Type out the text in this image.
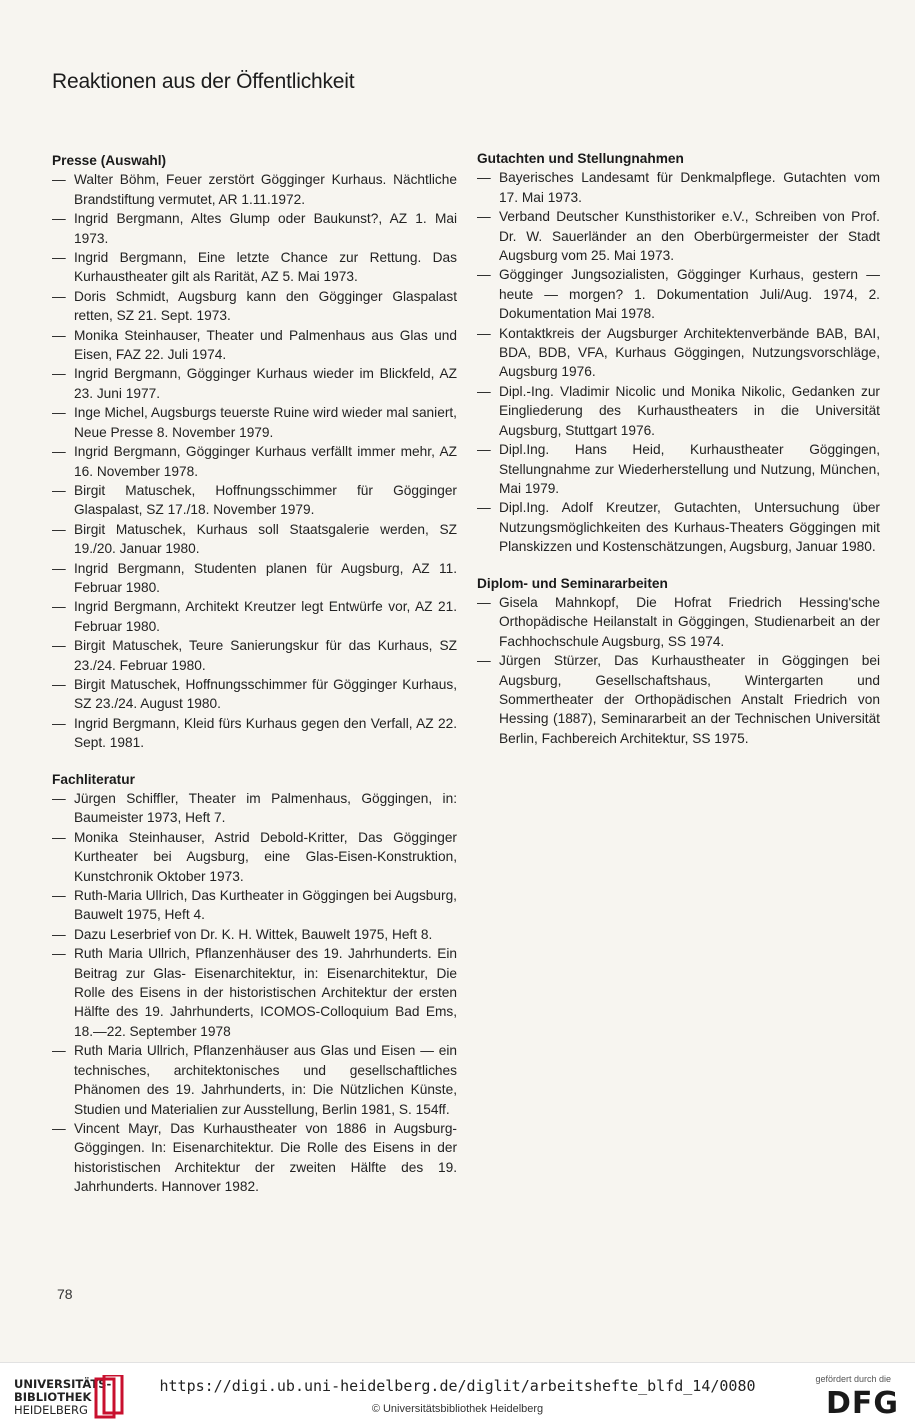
Reaktionen aus der Öffentlichkeit
Presse (Auswahl)
— Walter Böhm, Feuer zerstört Gögginger Kurhaus. Nächtliche Brandstiftung vermutet, AR 1.11.1972.
— Ingrid Bergmann, Altes Glump oder Baukunst?, AZ 1. Mai 1973.
— Ingrid Bergmann, Eine letzte Chance zur Rettung. Das Kurhaustheater gilt als Rarität, AZ 5. Mai 1973.
— Doris Schmidt, Augsburg kann den Gögginger Glaspalast retten, SZ 21. Sept. 1973.
— Monika Steinhauser, Theater und Palmenhaus aus Glas und Eisen, FAZ 22. Juli 1974.
— Ingrid Bergmann, Gögginger Kurhaus wieder im Blickfeld, AZ 23. Juni 1977.
— Inge Michel, Augsburgs teuerste Ruine wird wieder mal saniert, Neue Presse 8. November 1979.
— Ingrid Bergmann, Gögginger Kurhaus verfällt immer mehr, AZ 16. November 1978.
— Birgit Matuschek, Hoffnungsschimmer für Gögginger Glaspalast, SZ 17./18. November 1979.
— Birgit Matuschek, Kurhaus soll Staatsgalerie werden, SZ 19./20. Januar 1980.
— Ingrid Bergmann, Studenten planen für Augsburg, AZ 11. Februar 1980.
— Ingrid Bergmann, Architekt Kreutzer legt Entwürfe vor, AZ 21. Februar 1980.
— Birgit Matuschek, Teure Sanierungskur für das Kurhaus, SZ 23./24. Februar 1980.
— Birgit Matuschek, Hoffnungsschimmer für Gögginger Kurhaus, SZ 23./24. August 1980.
— Ingrid Bergmann, Kleid fürs Kurhaus gegen den Verfall, AZ 22. Sept. 1981.
Fachliteratur
— Jürgen Schiffler, Theater im Palmenhaus, Göggingen, in: Baumeister 1973, Heft 7.
— Monika Steinhauser, Astrid Debold-Kritter, Das Gögginger Kurtheater bei Augsburg, eine Glas-Eisen-Konstruktion, Kunstchronik Oktober 1973.
— Ruth-Maria Ullrich, Das Kurtheater in Göggingen bei Augsburg, Bauwelt 1975, Heft 4.
— Dazu Leserbrief von Dr. K. H. Wittek, Bauwelt 1975, Heft 8.
— Ruth Maria Ullrich, Pflanzenhäuser des 19. Jahrhunderts. Ein Beitrag zur Glas- Eisenarchitektur, in: Eisenarchitektur, Die Rolle des Eisens in der historistischen Architektur der ersten Hälfte des 19. Jahrhunderts, ICOMOS-Colloquium Bad Ems, 18.—22. September 1978
— Ruth Maria Ullrich, Pflanzenhäuser aus Glas und Eisen — ein technisches, architektonisches und gesellschaftliches Phänomen des 19. Jahrhunderts, in: Die Nützlichen Künste, Studien und Materialien zur Ausstellung, Berlin 1981, S. 154ff.
— Vincent Mayr, Das Kurhaustheater von 1886 in Augsburg-Göggingen. In: Eisenarchitektur. Die Rolle des Eisens in der historistischen Architektur der zweiten Hälfte des 19. Jahrhunderts. Hannover 1982.
Gutachten und Stellungnahmen
— Bayerisches Landesamt für Denkmalpflege. Gutachten vom 17. Mai 1973.
— Verband Deutscher Kunsthistoriker e.V., Schreiben von Prof. Dr. W. Sauerländer an den Oberbürgermeister der Stadt Augsburg vom 25. Mai 1973.
— Gögginger Jungsozialisten, Gögginger Kurhaus, gestern — heute — morgen? 1. Dokumentation Juli/Aug. 1974, 2. Dokumentation Mai 1978.
— Kontaktkreis der Augsburger Architektenverbände BAB, BAI, BDA, BDB, VFA, Kurhaus Göggingen, Nutzungsvorschläge, Augsburg 1976.
— Dipl.-Ing. Vladimir Nicolic und Monika Nikolic, Gedanken zur Eingliederung des Kurhaustheaters in die Universität Augsburg, Stuttgart 1976.
— Dipl.Ing. Hans Heid, Kurhaustheater Göggingen, Stellungnahme zur Wiederherstellung und Nutzung, München, Mai 1979.
— Dipl.Ing. Adolf Kreutzer, Gutachten, Untersuchung über Nutzungsmöglichkeiten des Kurhaus-Theaters Göggingen mit Planskizzen und Kostenschätzungen, Augsburg, Januar 1980.
Diplom- und Seminararbeiten
— Gisela Mahnkopf, Die Hofrat Friedrich Hessing'sche Orthopädische Heilanstalt in Göggingen, Studienarbeit an der Fachhochschule Augsburg, SS 1974.
— Jürgen Stürzer, Das Kurhaustheater in Göggingen bei Augsburg, Gesellschaftshaus, Wintergarten und Sommertheater der Orthopädischen Anstalt Friedrich von Hessing (1887), Seminararbeit an der Technischen Universität Berlin, Fachbereich Architektur, SS 1975.
78
UNIVERSITÄTS-
BIBLIOTHEK
HEIDELBERG
https://digi.ub.uni-heidelberg.de/diglit/arbeitshefte_blfd_14/0080
© Universitätsbibliothek Heidelberg
gefördert durch die
DFG
